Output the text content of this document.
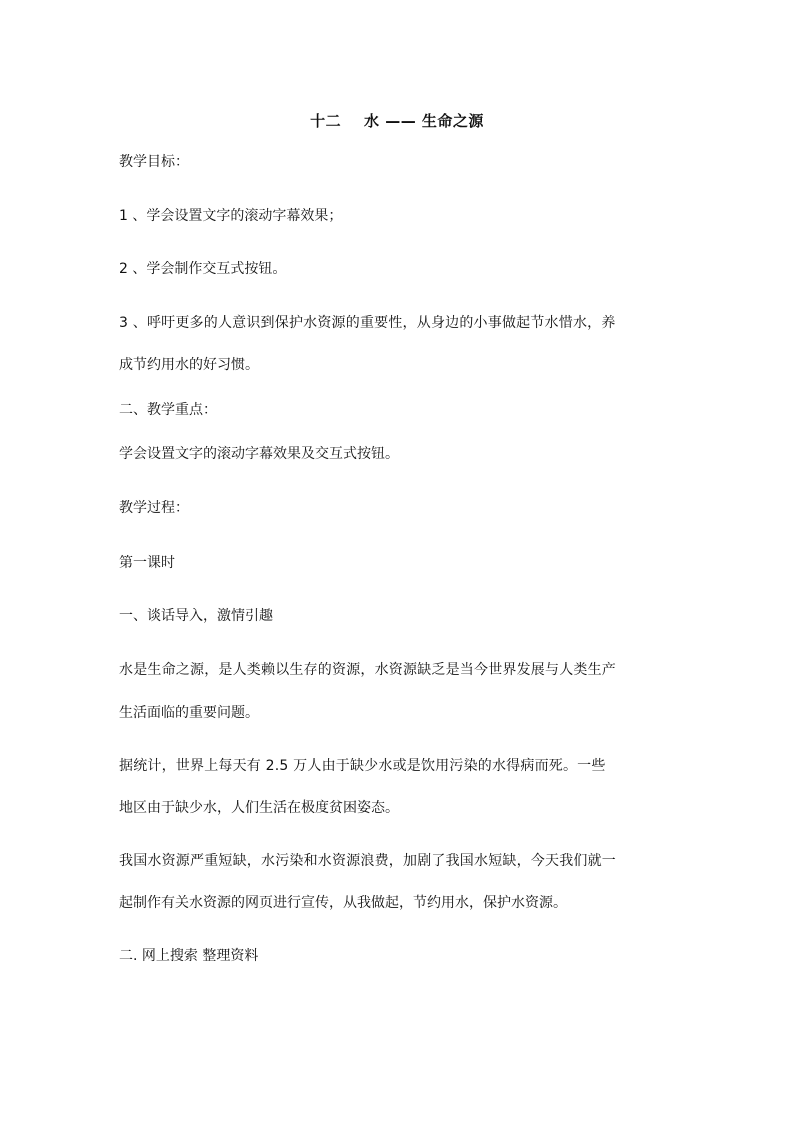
十二    水 —— 生命之源
教学目标：
1 、学会设置文字的滚动字幕效果；
2 、学会制作交互式按钮。
3 、呼吁更多的人意识到保护水资源的重要性，从身边的小事做起节水惜水，养
成节约用水的好习惯。
二、教学重点：
学会设置文字的滚动字幕效果及交互式按钮。
教学过程：
第一课时
一、谈话导入，激情引趣
水是生命之源，是人类赖以生存的资源，水资源缺乏是当今世界发展与人类生产
生活面临的重要问题。
据统计，世界上每天有 2.5 万人由于缺少水或是饮用污染的水得病而死。一些
地区由于缺少水，人们生活在极度贫困姿态。
我国水资源严重短缺，水污染和水资源浪费，加剧了我国水短缺，今天我们就一
起制作有关水资源的网页进行宣传，从我做起，节约用水，保护水资源。
二. 网上搜索 整理资料
